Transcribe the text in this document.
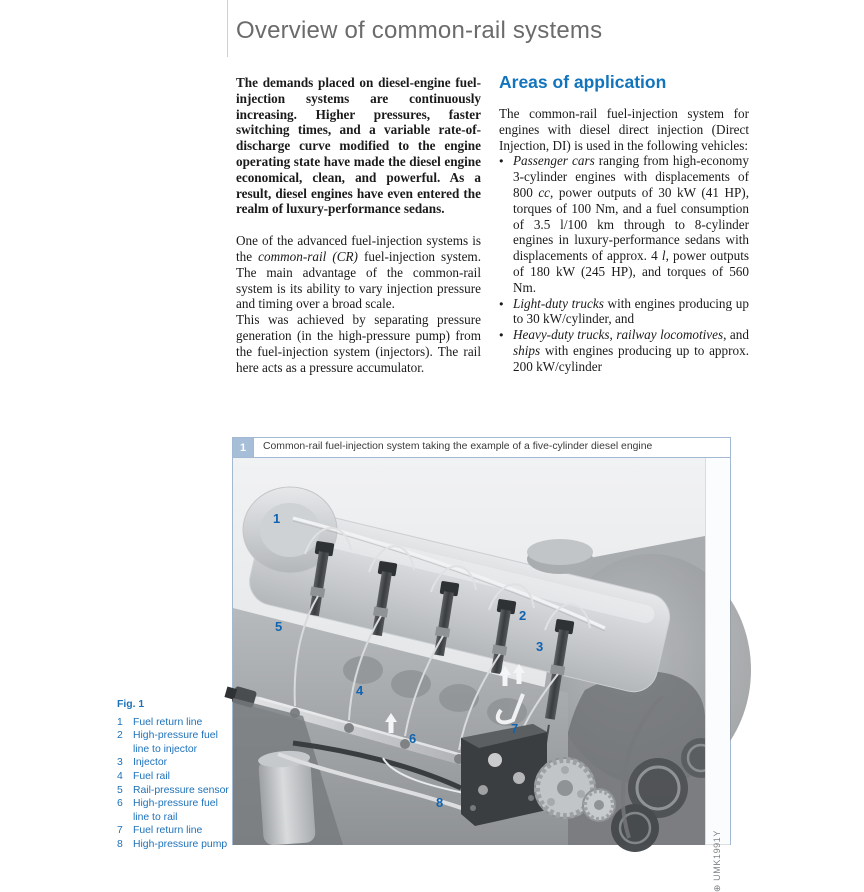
Overview of common-rail systems

The demands placed on diesel-engine fuel-injection systems are continuously increasing. Higher pressures, faster switching times, and a variable rate-of-discharge curve modified to the engine operating state have made the diesel engine economical, clean, and powerful. As a result, diesel engines have even entered the realm of luxury-performance sedans.

One of the advanced fuel-injection systems is the common-rail (CR) fuel-injection system. The main advantage of the common-rail system is its ability to vary injection pressure and timing over a broad scale.
This was achieved by separating pressure generation (in the high-pressure pump) from the fuel-injection system (injectors). The rail here acts as a pressure accumulator.

Areas of application

The common-rail fuel-injection system for engines with diesel direct injection (Direct Injection, DI) is used in the following vehicles:

●
Passenger cars ranging from high-economy 3-cylinder engines with displacements of 800 cc, power outputs of 30 kW (41 HP), torques of 100 Nm, and a fuel consumption of 3.5 l/100 km through to 8-cylinder engines in luxury-performance sedans with displacements of approx. 4 l, power outputs of 180 kW (245 HP), and torques of 560 Nm.
●
Light-duty trucks with engines producing up to 30 kW/cylinder, and
●
Heavy-duty trucks, railway locomotives, and ships with engines producing up to approx. 200 kW/cylinder
1	Common-rail fuel-injection system taking the example of a five-cylinder diesel engine
1
2
3
4
5
6
7
8
⊕ UMK1991Y
Fig. 1
1 Fuel return line
2 High-pressure fuel line to injector
3 Injector
4 Fuel rail
5 Rail-pressure sensor
6 High-pressure fuel line to rail
7 Fuel return line
8 High-pressure pump
